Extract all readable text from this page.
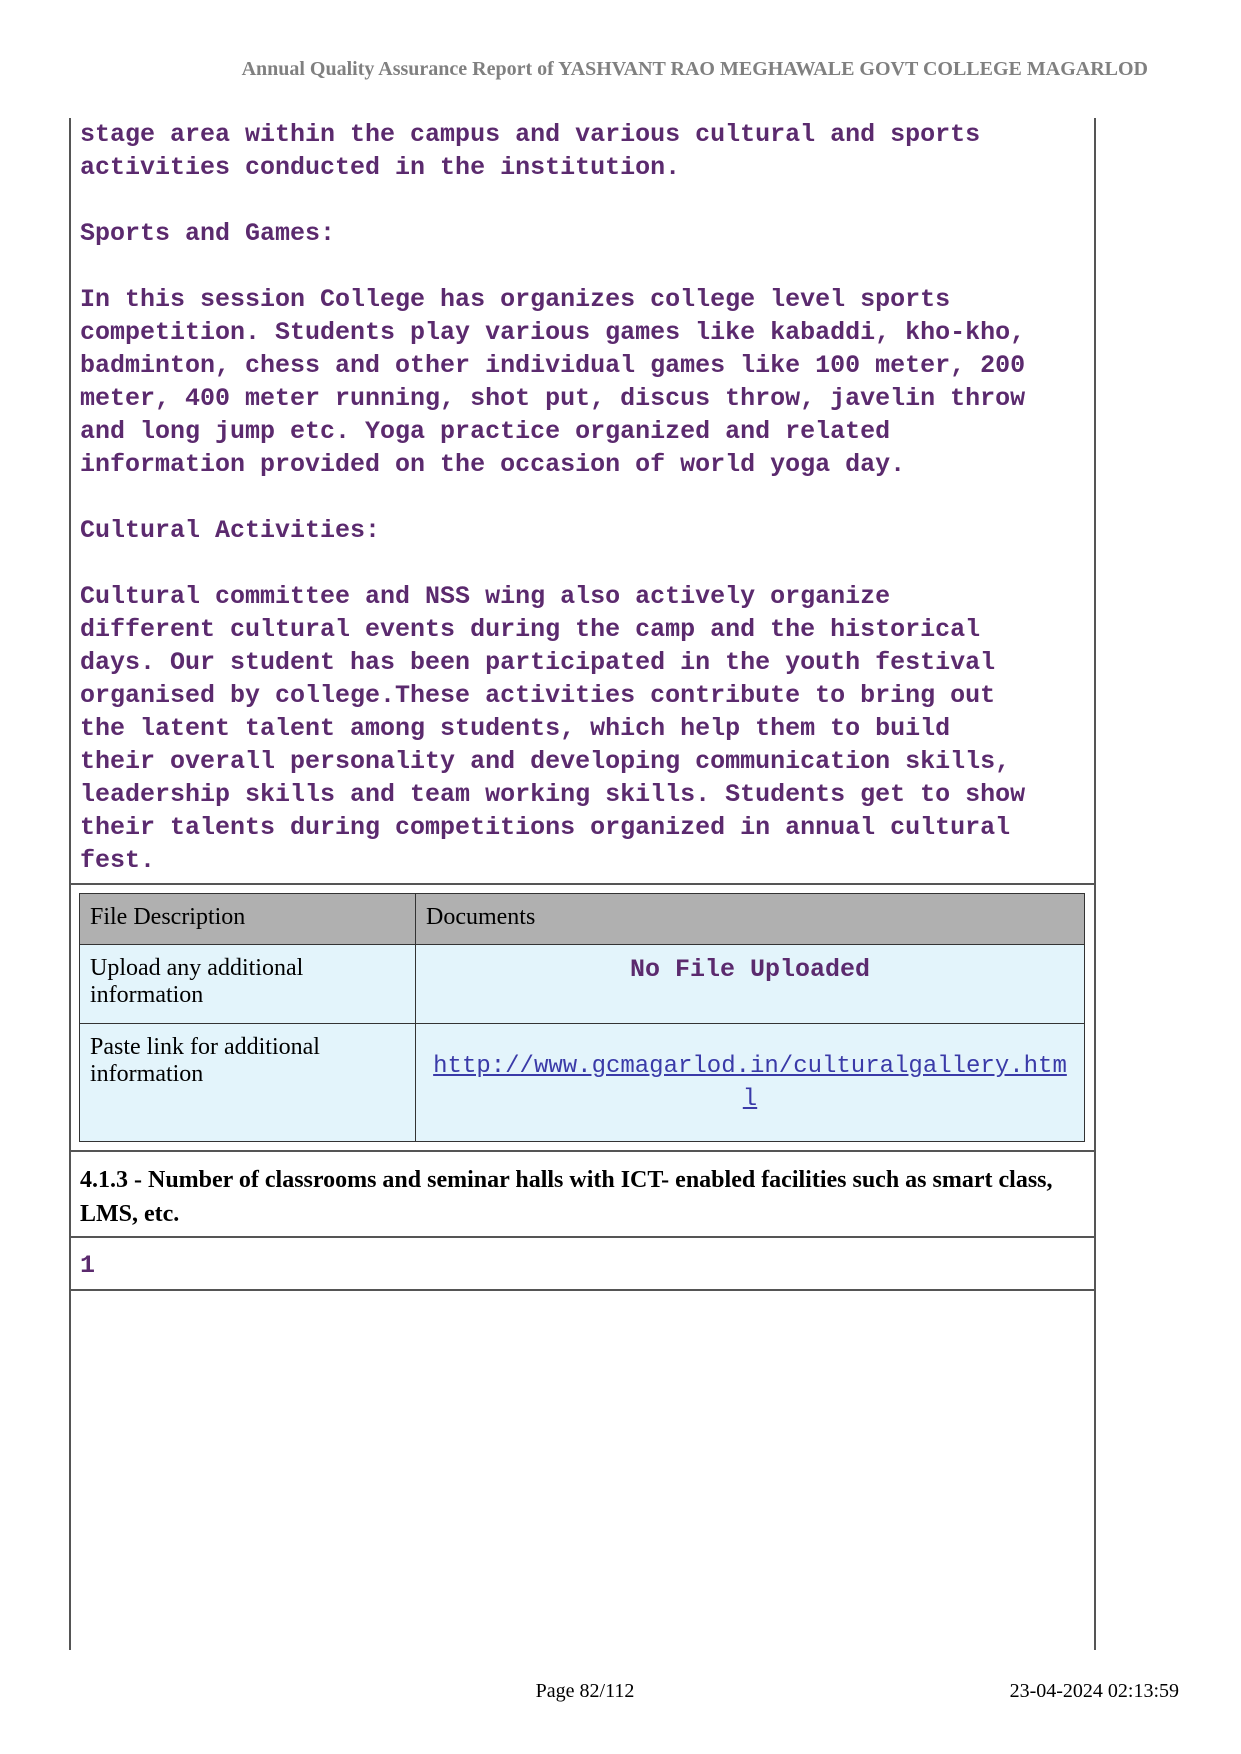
Annual Quality Assurance Report of YASHVANT RAO MEGHAWALE GOVT COLLEGE MAGARLOD

stage area within the campus and various cultural and sports

activities conducted in the institution.

Sports and Games:

In this session College has organizes college level sports

competition. Students play various games like kabaddi, kho-kho,

badminton, chess and other individual games like 100 meter, 200

meter, 400 meter running, shot put, discus throw, javelin throw

and long jump etc. Yoga practice organized and related

information provided on the occasion of world yoga day.

Cultural Activities:

Cultural committee and NSS wing also actively organize

different cultural events during the camp and the historical

days. Our student has been participated in the youth festival

organised by college.These activities contribute to bring out

the latent talent among students, which help them to build

their overall personality and developing communication skills,

leadership skills and team working skills. Students get to show

their talents during competitions organized in annual cultural

fest.

File Description	Documents
Upload any additional information	No File Uploaded
Paste link for additional information	http://www.gcmagarlod.in/culturalgallery.html
4.1.3 - Number of classrooms and seminar halls with ICT- enabled facilities such as smart class, LMS, etc.
1
Page 82/112	23-04-2024 02:13:59
